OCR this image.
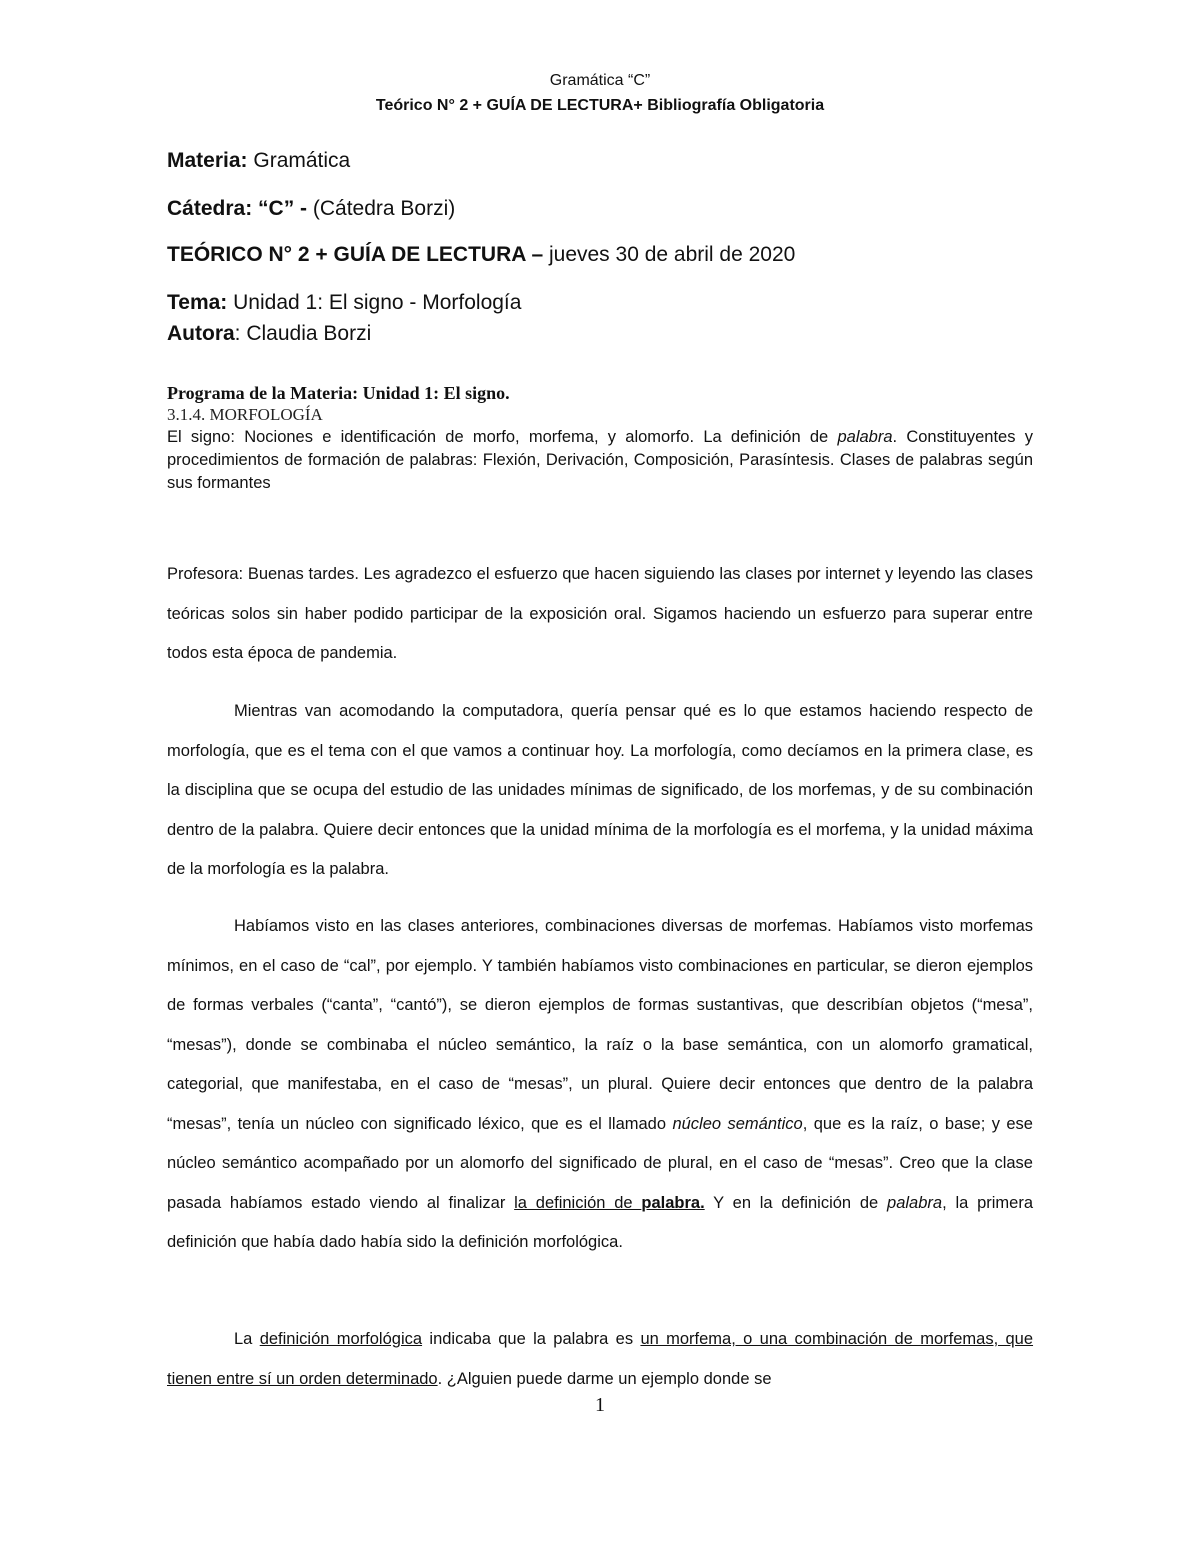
Gramática “C”
Teórico N° 2 + GUÍA DE LECTURA+ Bibliografía Obligatoria
Materia: Gramática
Cátedra: “C” - (Cátedra Borzi)
TEÓRICO N° 2 + GUÍA DE LECTURA – jueves 30 de abril de 2020
Tema: Unidad 1: El signo - Morfología
Autora: Claudia Borzi
Programa de la Materia: Unidad 1: El signo.
3.1.4. MORFOLOGÍA
El signo: Nociones e identificación de morfo, morfema, y alomorfo. La definición de palabra. Constituyentes y procedimientos de formación de palabras: Flexión, Derivación, Composición, Parasíntesis. Clases de palabras según sus formantes
Profesora: Buenas tardes. Les agradezco el esfuerzo que hacen siguiendo las clases por internet y leyendo las clases teóricas solos sin haber podido participar de la exposición oral. Sigamos haciendo un esfuerzo para superar entre todos esta época de pandemia.
Mientras van acomodando la computadora, quería pensar qué es lo que estamos haciendo respecto de morfología, que es el tema con el que vamos a continuar hoy. La morfología, como decíamos en la primera clase, es la disciplina que se ocupa del estudio de las unidades mínimas de significado, de los morfemas, y de su combinación dentro de la palabra. Quiere decir entonces que la unidad mínima de la morfología es el morfema, y la unidad máxima de la morfología es la palabra.
Habíamos visto en las clases anteriores, combinaciones diversas de morfemas. Habíamos visto morfemas mínimos, en el caso de “cal”, por ejemplo. Y también habíamos visto combinaciones en particular, se dieron ejemplos de formas verbales (“canta”, “cantó”), se dieron ejemplos de formas sustantivas, que describían objetos (“mesa”, “mesas”), donde se combinaba el núcleo semántico, la raíz o la base semántica, con un alomorfo gramatical, categorial, que manifestaba, en el caso de “mesas”, un plural. Quiere decir entonces que dentro de la palabra “mesas”, tenía un núcleo con significado léxico, que es el llamado núcleo semántico, que es la raíz, o base; y ese núcleo semántico acompañado por un alomorfo del significado de plural, en el caso de “mesas”. Creo que la clase pasada habíamos estado viendo al finalizar la definición de palabra. Y en la definición de palabra, la primera definición que había dado había sido la definición morfológica.
La definición morfológica indicaba que la palabra es un morfema, o una combinación de morfemas, que tienen entre sí un orden determinado. ¿Alguien puede darme un ejemplo donde se
1
